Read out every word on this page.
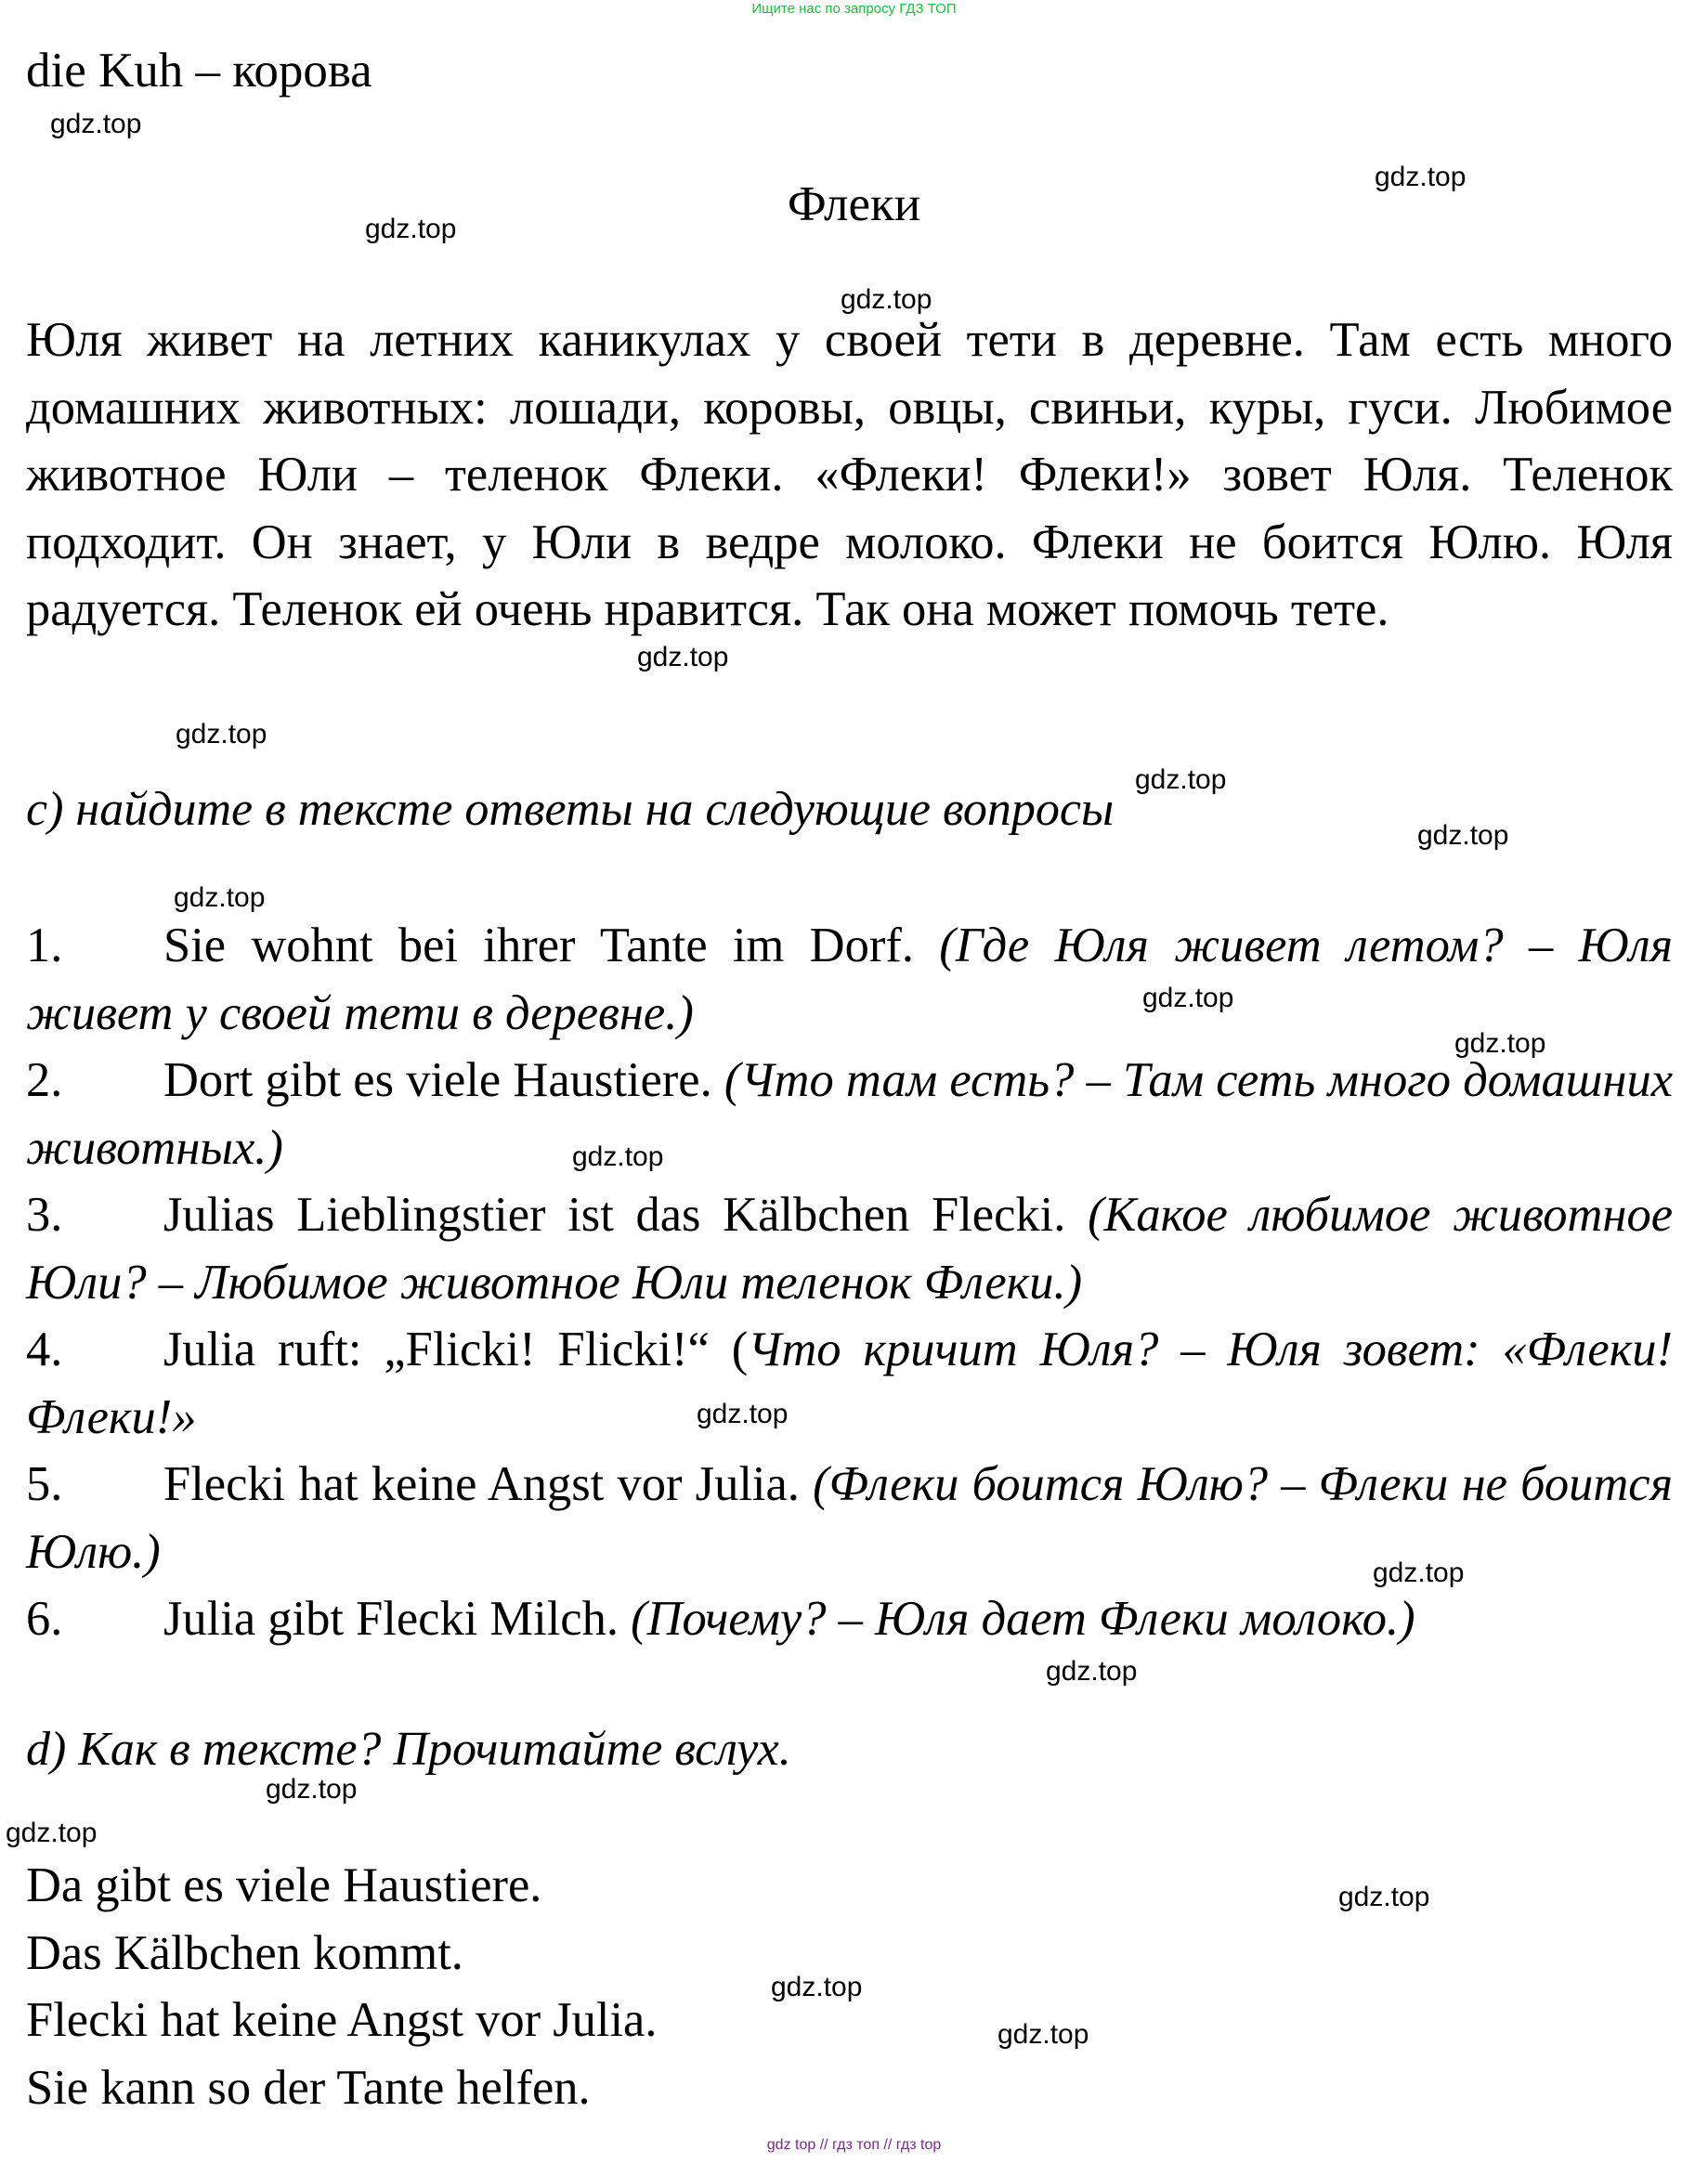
Ищите нас по запросу ГДЗ ТОП
die Kuh – корова
Флеки

Юля живет на летних каникулах у своей тети в деревне. Там есть много домашних животных: лошади, коровы, овцы, свиньи, куры, гуси. Любимое животное Юли – теленок Флеки. «Флеки! Флеки!» зовет Юля. Теленок подходит. Он знает, у Юли в ведре молоко. Флеки не боится Юлю. Юля радуется. Теленок ей очень нравится. Так она может помочь тете.

c) найдите в тексте ответы на следующие вопросы

1. Sie wohnt bei ihrer Tante im Dorf. (Где Юля живет летом? – Юля живет у своей тети в деревне.)

2. Dort gibt es viele Haustiere. (Что там есть? – Там сеть много домашних животных.)

3. Julias Lieblingstier ist das Kälbchen Flecki. (Какое любимое животное Юли? – Любимое животное Юли теленок Флеки.)

4. Julia ruft: „Flicki! Flicki!“ (Что кричит Юля? – Юля зовет: «Флеки! Флеки!»

5. Flecki hat keine Angst vor Julia. (Флеки боится Юлю? – Флеки не боится Юлю.)

6. Julia gibt Flecki Milch. (Почему? – Юля дает Флеки молоко.)

d) Как в тексте? Прочитайте вслух.

Da gibt es viele Haustiere.

Das Kälbchen kommt.

Flecki hat keine Angst vor Julia.

Sie kann so der Tante helfen.

gdz.top
gdz.top
gdz.top
gdz.top
gdz.top
gdz.top
gdz.top
gdz.top
gdz.top
gdz.top
gdz.top
gdz.top
gdz.top
gdz.top
gdz.top
gdz.top
gdz.top
gdz.top
gdz.top
gdz.top
gdz top // гдз топ // гдз top
